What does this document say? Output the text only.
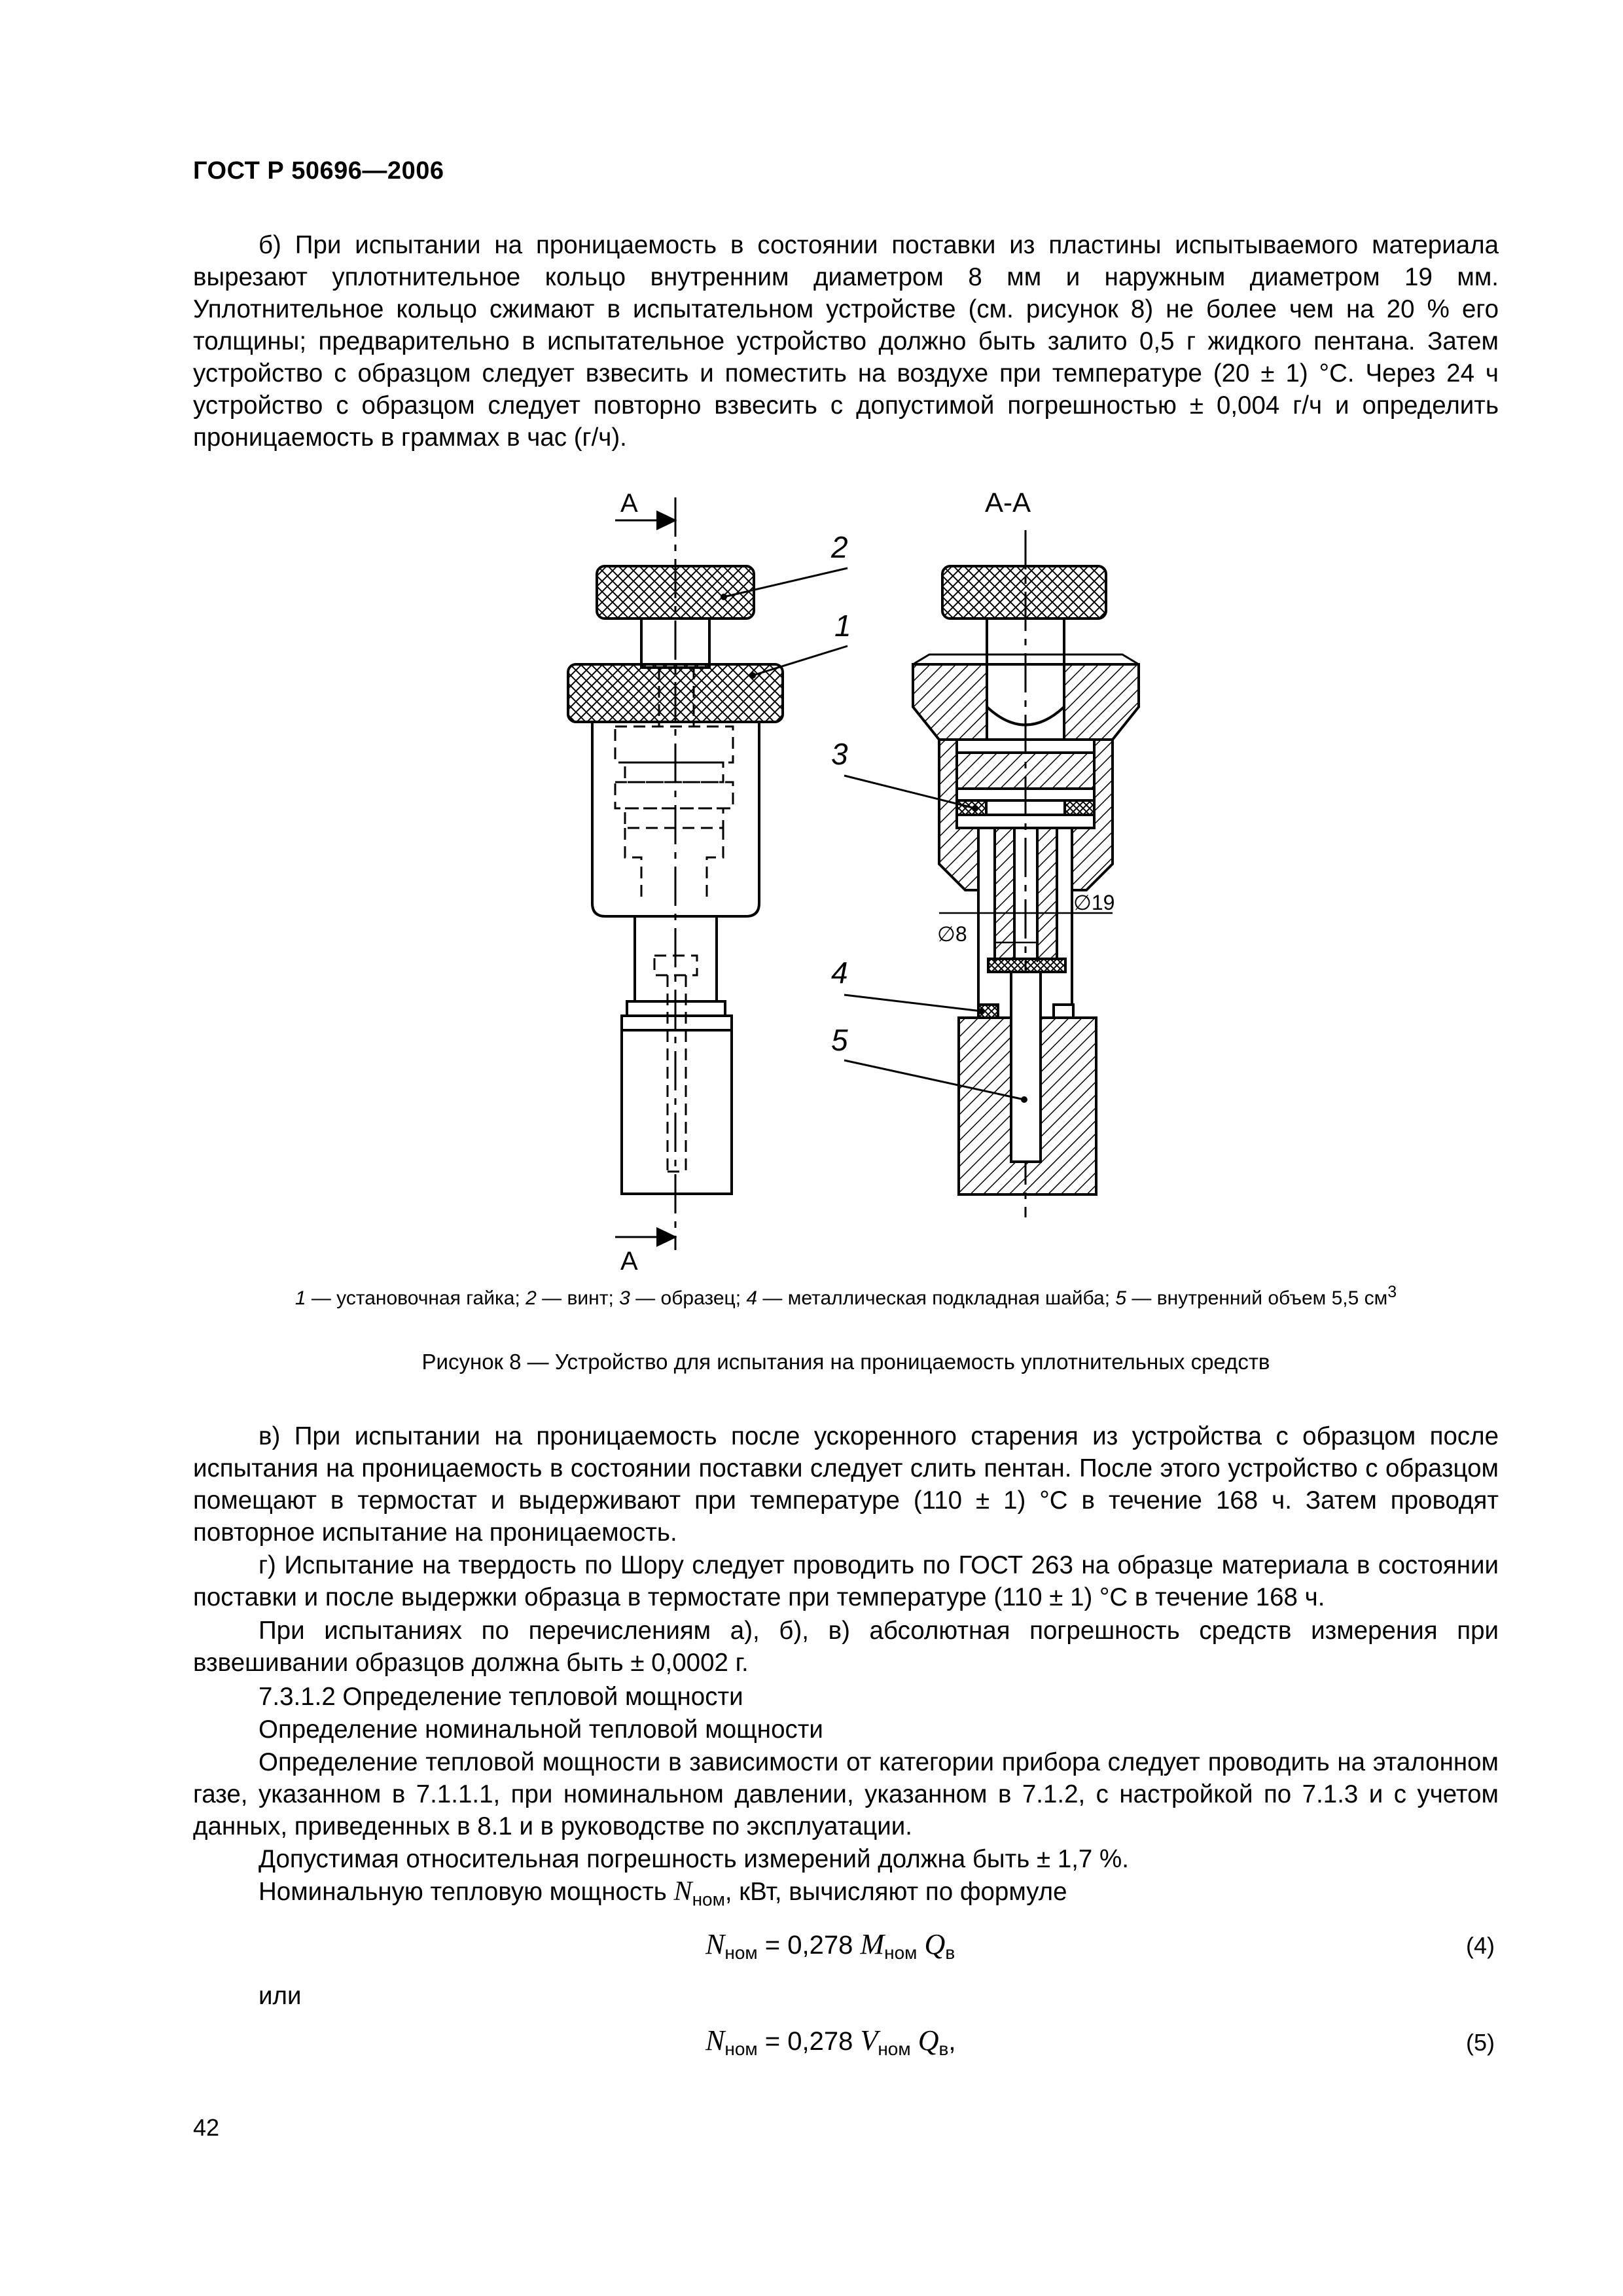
ГОСТ Р 50696—2006

б) При испытании на проницаемость в состоянии поставки из пластины испытываемого материала вырезают уплотнительное кольцо внутренним диаметром 8 мм и наружным диаметром 19 мм. Уплотнительное кольцо сжимают в испытательном устройстве (см. рисунок 8) не более чем на 20 % его толщины; предварительно в испытательное устройство должно быть залито 0,5 г жидкого пентана. Затем устройство с образцом следует взвесить и поместить на воздухе при температуре (20 ± 1) °С. Через 24 ч устройство с образцом следует повторно взвесить с допустимой погрешностью ± 0,004 г/ч и определить проницаемость в граммах в час (г/ч).

А
А
А-А
2
1
3
4
5
∅19
∅8
1 — установочная гайка; 2 — винт; 3 — образец; 4 — металлическая подкладная шайба; 5 — внутренний объем 5,5 $см^3$
Рисунок 8 — Устройство для испытания на проницаемость уплотнительных средств

в) При испытании на проницаемость после ускоренного старения из устройства с образцом после испытания на проницаемость в состоянии поставки следует слить пентан. После этого устройство с образцом помещают в термостат и выдерживают при температуре (110 ± 1) °С в течение 168 ч. Затем проводят повторное испытание на проницаемость.

г) Испытание на твердость по Шору следует проводить по ГОСТ 263 на образце материала в состоянии поставки и после выдержки образца в термостате при температуре (110 ± 1) °С в течение 168 ч.

При испытаниях по перечислениям а), б), в) абсолютная погрешность средств измерения при взвешивании образцов должна быть ± 0,0002 г.

7.3.1.2 Определение тепловой мощности

Определение номинальной тепловой мощности

Определение тепловой мощности в зависимости от категории прибора следует проводить на эталонном газе, указанном в 7.1.1.1, при номинальном давлении, указанном в 7.1.2, с настройкой по 7.1.3 и с учетом данных, приведенных в 8.1 и в руководстве по эксплуатации.

Допустимая относительная погрешность измерений должна быть ± 1,7 %.

Номинальную тепловую мощность $N_{ном}$, кВт, вычисляют по формуле

$N_{ном} = 0,278$ $M_{ном}$ $Q_в$	(4)

или

$N_{ном} = 0,278$ $V_{ном}$ $Q_в$,	(5)
42
